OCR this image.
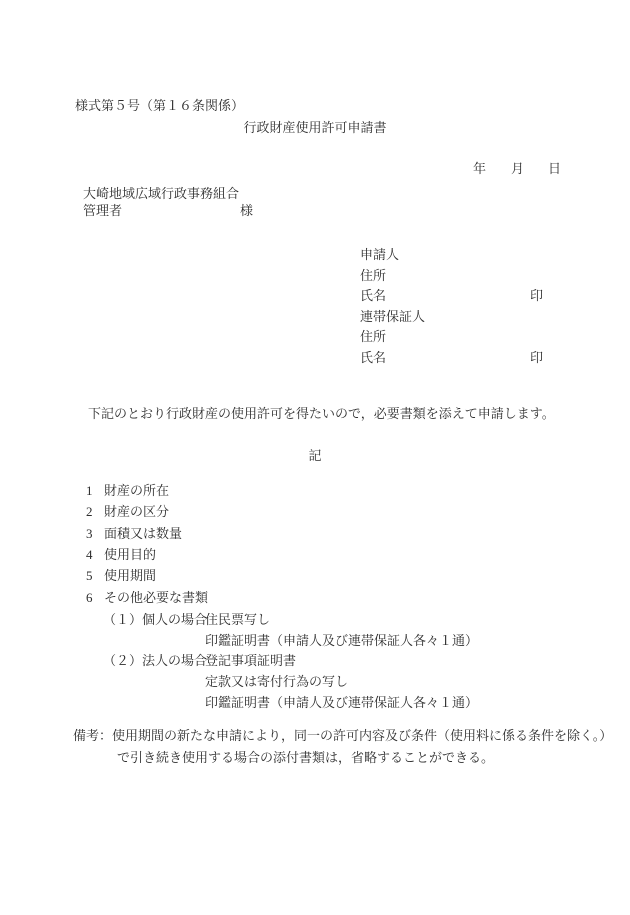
様式第５号（第１６条関係）
行政財産使用許可申請書
年 月 日
大崎地域広域行政事務組合
管理者	様
申請人
住所
氏名	印
連帯保証人
住所
氏名	印
下記のとおり行政財産の使用許可を得たいので，必要書類を添えて申請します。
記
1 財産の所在
2 財産の区分
3 面積又は数量
4 使用目的
5 使用期間
6 その他必要な書類
（１）個人の場合
住民票写し
印鑑証明書（申請人及び連帯保証人各々１通）
（２）法人の場合
登記事項証明書
定款又は寄付行為の写し
印鑑証明書（申請人及び連帯保証人各々１通）
備考：使用期間の新たな申請により，同一の許可内容及び条件（使用料に係る条件を除く。）
で引き続き使用する場合の添付書類は，省略することができる。
